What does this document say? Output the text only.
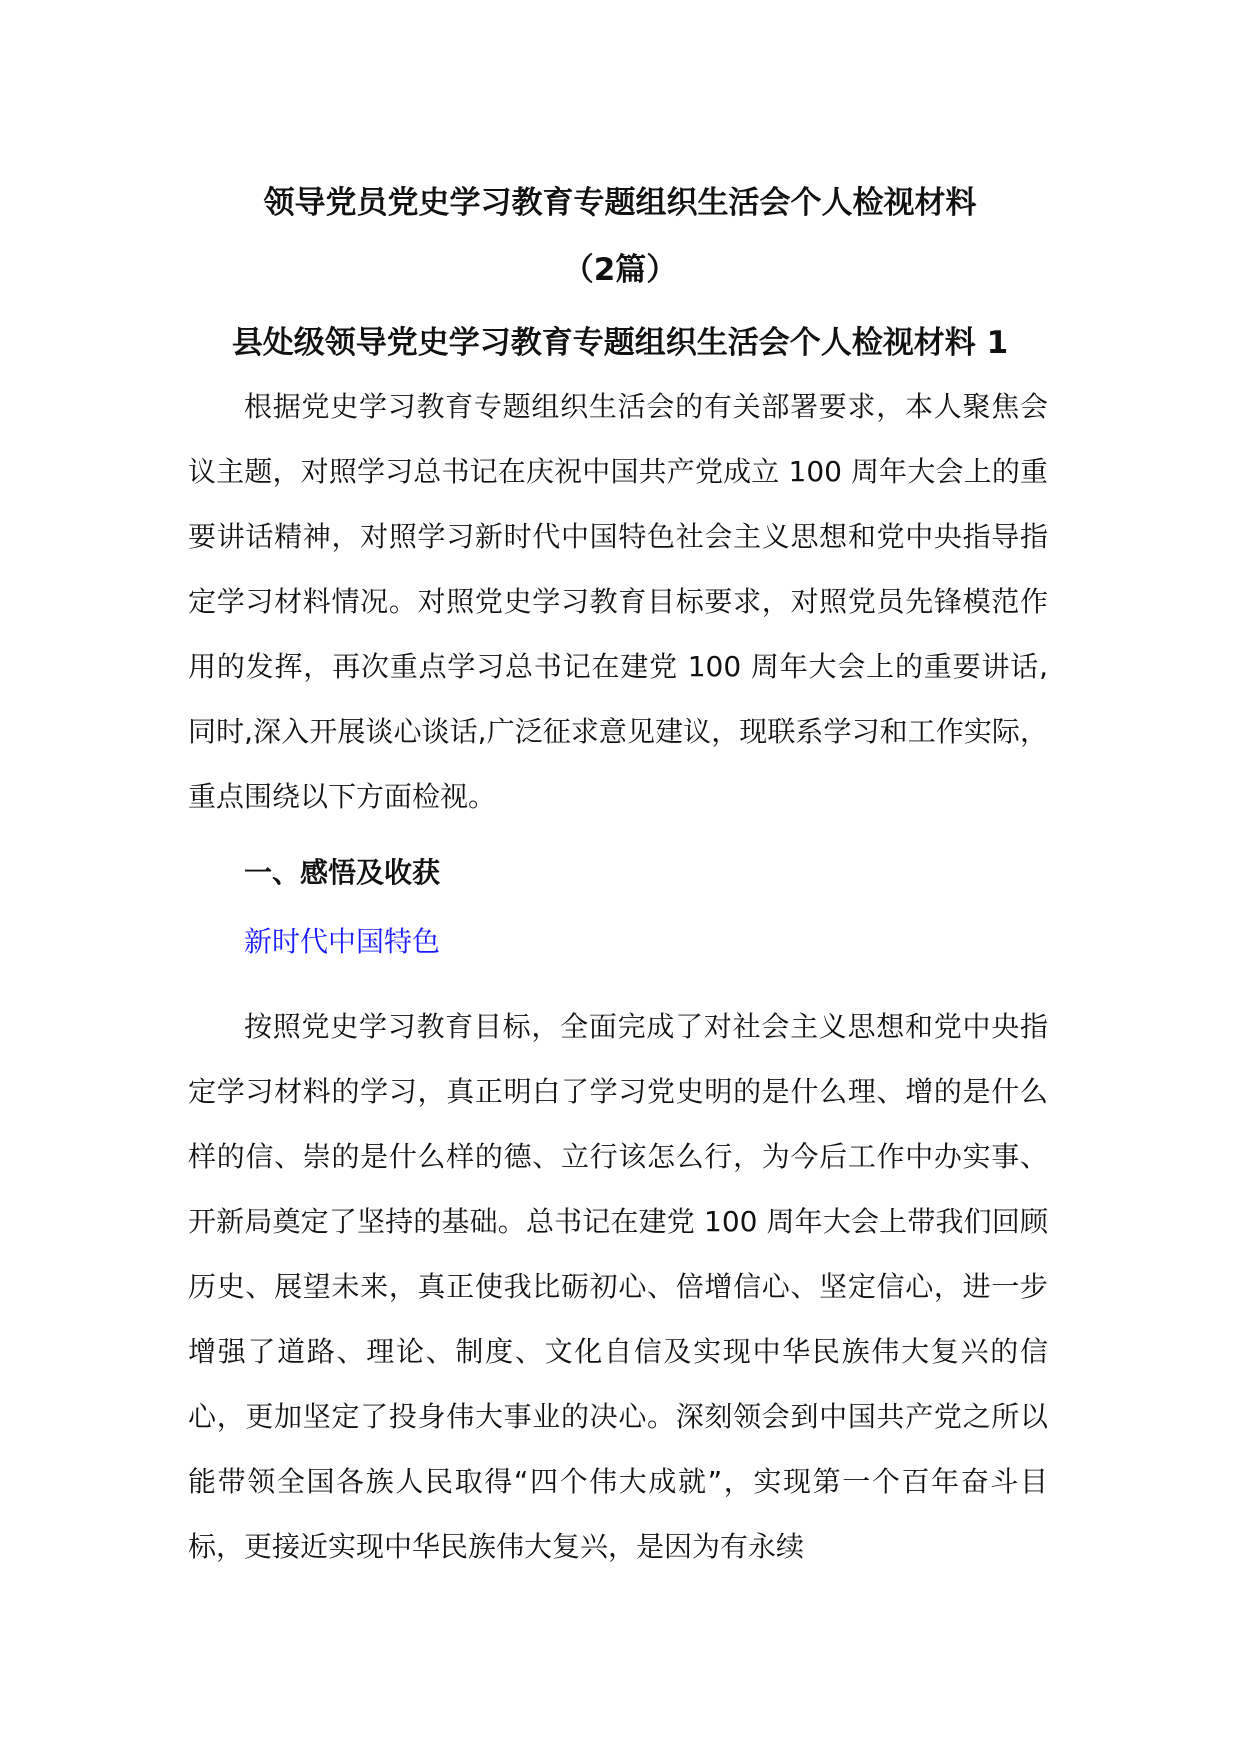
领导党员党史学习教育专题组织生活会个人检视材料
（2篇）
县处级领导党史学习教育专题组织生活会个人检视材料 1

根据党史学习教育专题组织生活会的有关部署要求，本人聚焦会议主题，对照学习总书记在庆祝中国共产党成立 100 周年大会上的重要讲话精神，对照学习新时代中国特色社会主义思想和党中央指导指定学习材料情况。对照党史学习教育目标要求，对照党员先锋模范作用的发挥，再次重点学习总书记在建党 100 周年大会上的重要讲话,同时,深入开展谈心谈话,广泛征求意见建议，现联系学习和工作实际，重点围绕以下方面检视。

一、感悟及收获
新时代中国特色

按照党史学习教育目标，全面完成了对社会主义思想和党中央指定学习材料的学习，真正明白了学习党史明的是什么理、增的是什么样的信、崇的是什么样的德、立行该怎么行，为今后工作中办实事、开新局奠定了坚持的基础。总书记在建党 100 周年大会上带我们回顾历史、展望未来，真正使我比砺初心、倍增信心、坚定信心，进一步增强了道路、理论、制度、文化自信及实现中华民族伟大复兴的信心，更加坚定了投身伟大事业的决心。深刻领会到中国共产党之所以能带领全国各族人民取得“四个伟大成就”，实现第一个百年奋斗目标，更接近实现中华民族伟大复兴，是因为有永续
